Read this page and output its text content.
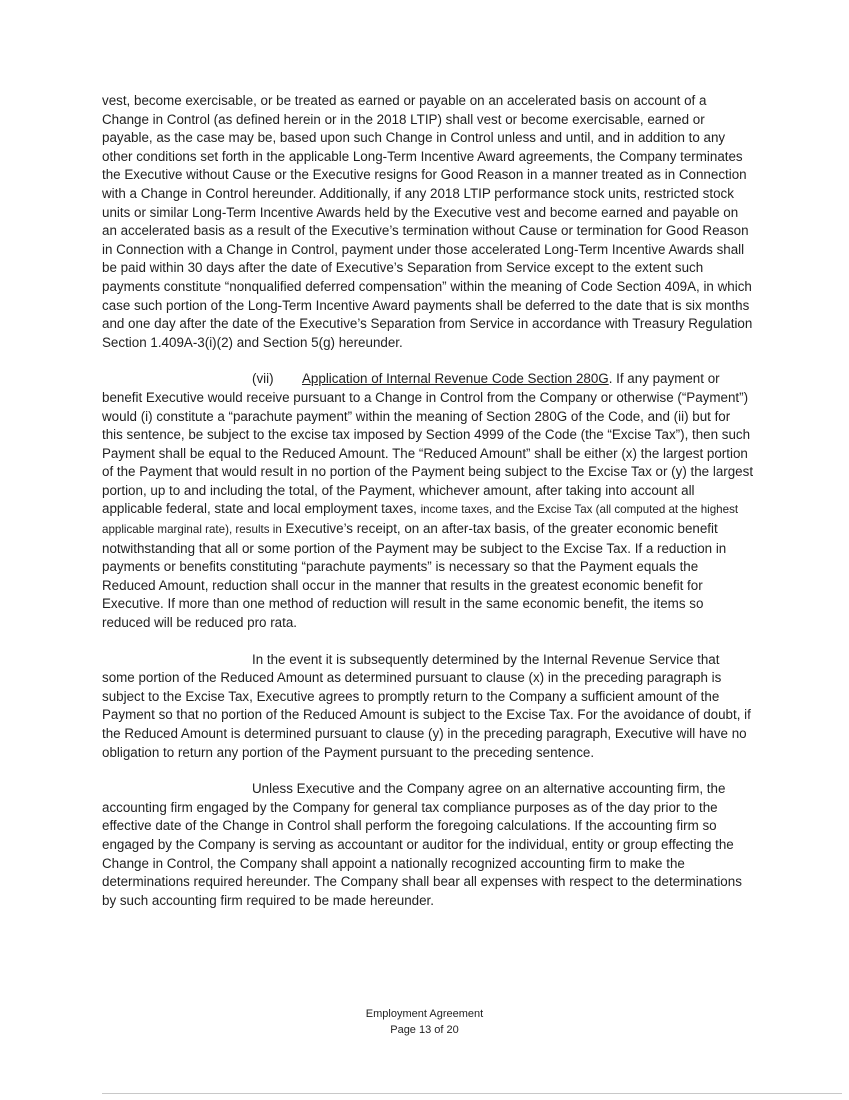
vest, become exercisable, or be treated as earned or payable on an accelerated basis on account of a Change in Control (as defined herein or in the 2018 LTIP) shall vest or become exercisable, earned or payable, as the case may be, based upon such Change in Control unless and until, and in addition to any other conditions set forth in the applicable Long-Term Incentive Award agreements, the Company terminates the Executive without Cause or the Executive resigns for Good Reason in a manner treated as in Connection with a Change in Control hereunder. Additionally, if any 2018 LTIP performance stock units, restricted stock units or similar Long-Term Incentive Awards held by the Executive vest and become earned and payable on an accelerated basis as a result of the Executive’s termination without Cause or termination for Good Reason in Connection with a Change in Control, payment under those accelerated Long-Term Incentive Awards shall be paid within 30 days after the date of Executive’s Separation from Service except to the extent such payments constitute “nonqualified deferred compensation” within the meaning of Code Section 409A, in which case such portion of the Long-Term Incentive Award payments shall be deferred to the date that is six months and one day after the date of the Executive’s Separation from Service in accordance with Treasury Regulation Section 1.409A-3(i)(2) and Section 5(g) hereunder.

(vii) Application of Internal Revenue Code Section 280G. If any payment or benefit Executive would receive pursuant to a Change in Control from the Company or otherwise (“Payment”) would (i) constitute a “parachute payment” within the meaning of Section 280G of the Code, and (ii) but for this sentence, be subject to the excise tax imposed by Section 4999 of the Code (the “Excise Tax”), then such Payment shall be equal to the Reduced Amount. The “Reduced Amount” shall be either (x) the largest portion of the Payment that would result in no portion of the Payment being subject to the Excise Tax or (y) the largest portion, up to and including the total, of the Payment, whichever amount, after taking into account all applicable federal, state and local employment taxes, income taxes, and the Excise Tax (all computed at the highest applicable marginal rate), results in Executive’s receipt, on an after-tax basis, of the greater economic benefit notwithstanding that all or some portion of the Payment may be subject to the Excise Tax. If a reduction in payments or benefits constituting “parachute payments” is necessary so that the Payment equals the Reduced Amount, reduction shall occur in the manner that results in the greatest economic benefit for Executive. If more than one method of reduction will result in the same economic benefit, the items so reduced will be reduced pro rata.

In the event it is subsequently determined by the Internal Revenue Service that some portion of the Reduced Amount as determined pursuant to clause (x) in the preceding paragraph is subject to the Excise Tax, Executive agrees to promptly return to the Company a sufficient amount of the Payment so that no portion of the Reduced Amount is subject to the Excise Tax. For the avoidance of doubt, if the Reduced Amount is determined pursuant to clause (y) in the preceding paragraph, Executive will have no obligation to return any portion of the Payment pursuant to the preceding sentence.

Unless Executive and the Company agree on an alternative accounting firm, the accounting firm engaged by the Company for general tax compliance purposes as of the day prior to the effective date of the Change in Control shall perform the foregoing calculations. If the accounting firm so engaged by the Company is serving as accountant or auditor for the individual, entity or group effecting the Change in Control, the Company shall appoint a nationally recognized accounting firm to make the determinations required hereunder. The Company shall bear all expenses with respect to the determinations by such accounting firm required to be made hereunder.

Employment Agreement
Page 13 of 20
